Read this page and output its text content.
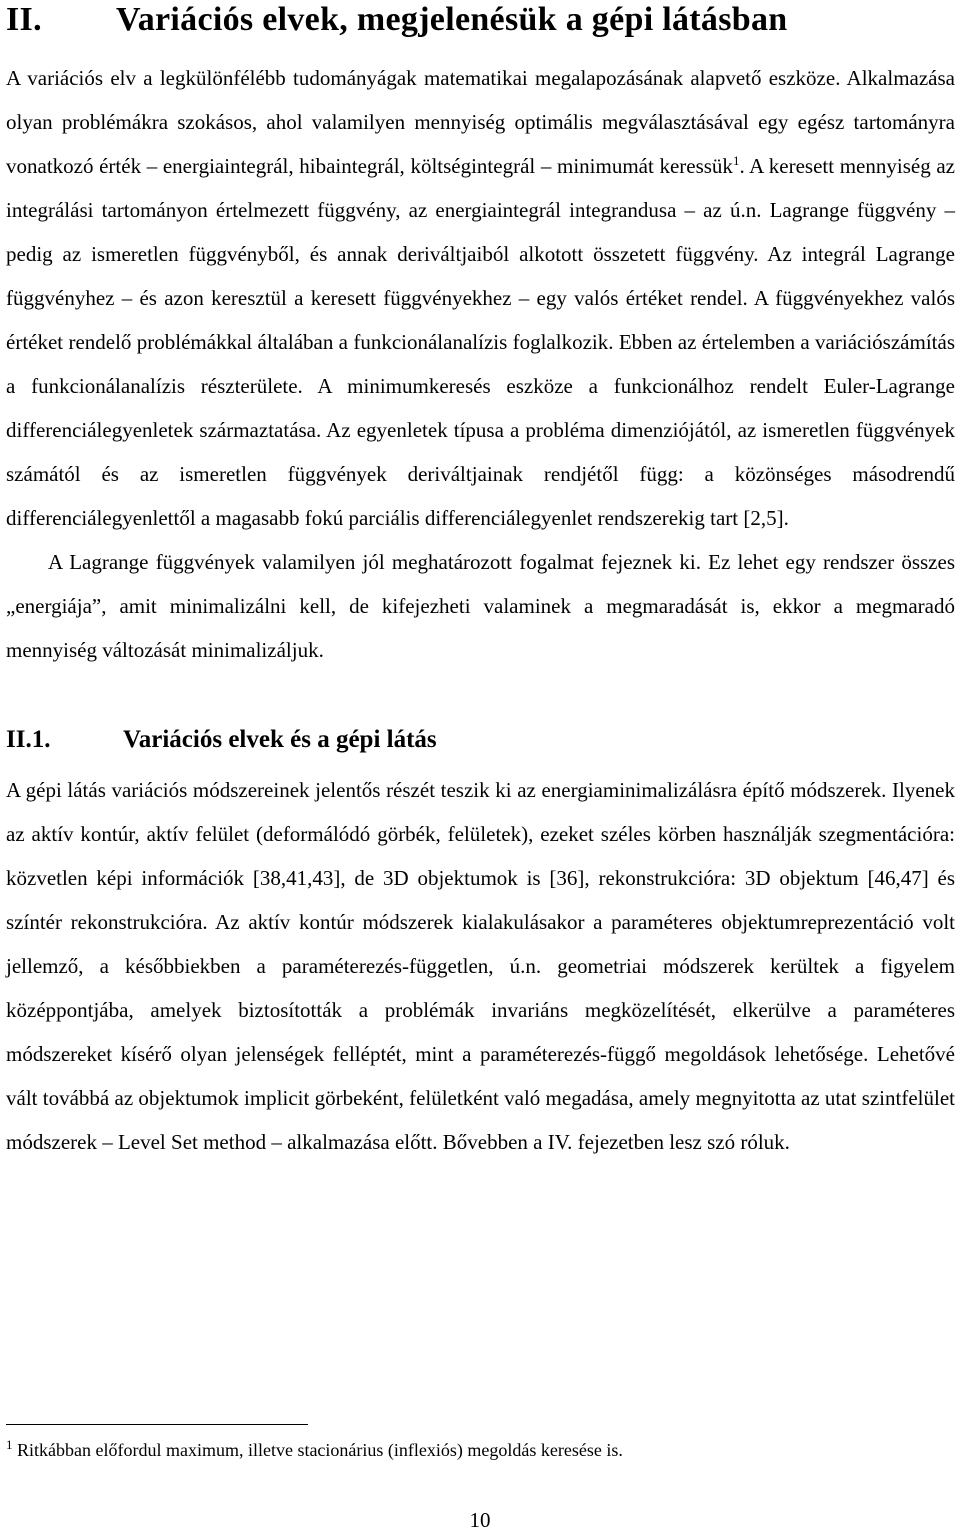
II. Variációs elvek, megjelenésük a gépi látásban

A variációs elv a legkülönfélébb tudományágak matematikai megalapozásának alapvető eszköze. Alkalmazása olyan problémákra szokásos, ahol valamilyen mennyiség optimális megválasztásával egy egész tartományra vonatkozó érték – energiaintegrál, hibaintegrál, költségintegrál – minimumát keressük$^1$. A keresett mennyiség az integrálási tartományon értelmezett függvény, az energiaintegrál integrandusa – az ú.n. Lagrange függvény – pedig az ismeretlen függvényből, és annak deriváltjaiból alkotott összetett függvény. Az integrál Lagrange függvényhez – és azon keresztül a keresett függvényekhez – egy valós értéket rendel. A függvényekhez valós értéket rendelő problémákkal általában a funkcionálanalízis foglalkozik. Ebben az értelemben a variációszámítás a funkcionálanalízis részterülete. A minimumkeresés eszköze a funkcionálhoz rendelt Euler-Lagrange differenciálegyenletek származtatása. Az egyenletek típusa a probléma dimenziójától, az ismeretlen függvények számától és az ismeretlen függvények deriváltjainak rendjétől függ: a közönséges másodrendű differenciálegyenlettől a magasabb fokú parciális differenciálegyenlet rendszerekig tart [2,5].

A Lagrange függvények valamilyen jól meghatározott fogalmat fejeznek ki. Ez lehet egy rendszer összes „energiája”, amit minimalizálni kell, de kifejezheti valaminek a megmaradását is, ekkor a megmaradó mennyiség változását minimalizáljuk.

II.1.	Variációs elvek és a gépi látás

A gépi látás variációs módszereinek jelentős részét teszik ki az energiaminimalizálásra építő módszerek. Ilyenek az aktív kontúr, aktív felület (deformálódó görbék, felületek), ezeket széles körben használják szegmentációra: közvetlen képi információk [38,41,43], de 3D objektumok is [36], rekonstrukcióra: 3D objektum [46,47] és színtér rekonstrukcióra. Az aktív kontúr módszerek kialakulásakor a paraméteres objektumreprezentáció volt jellemző, a későbbiekben a paraméterezés-független, ú.n. geometriai módszerek kerültek a figyelem középpontjába, amelyek biztosították a problémák invariáns megközelítését, elkerülve a paraméteres módszereket kísérő olyan jelenségek felléptét, mint a paraméterezés-függő megoldások lehetősége. Lehetővé vált továbbá az objektumok implicit görbeként, felületként való megadása, amely megnyitotta az utat szintfelület módszerek – Level Set method – alkalmazása előtt. Bővebben a IV. fejezetben lesz szó róluk.

$^1$ Ritkábban előfordul maximum, illetve stacionárius (inflexiós) megoldás keresése is.
10
